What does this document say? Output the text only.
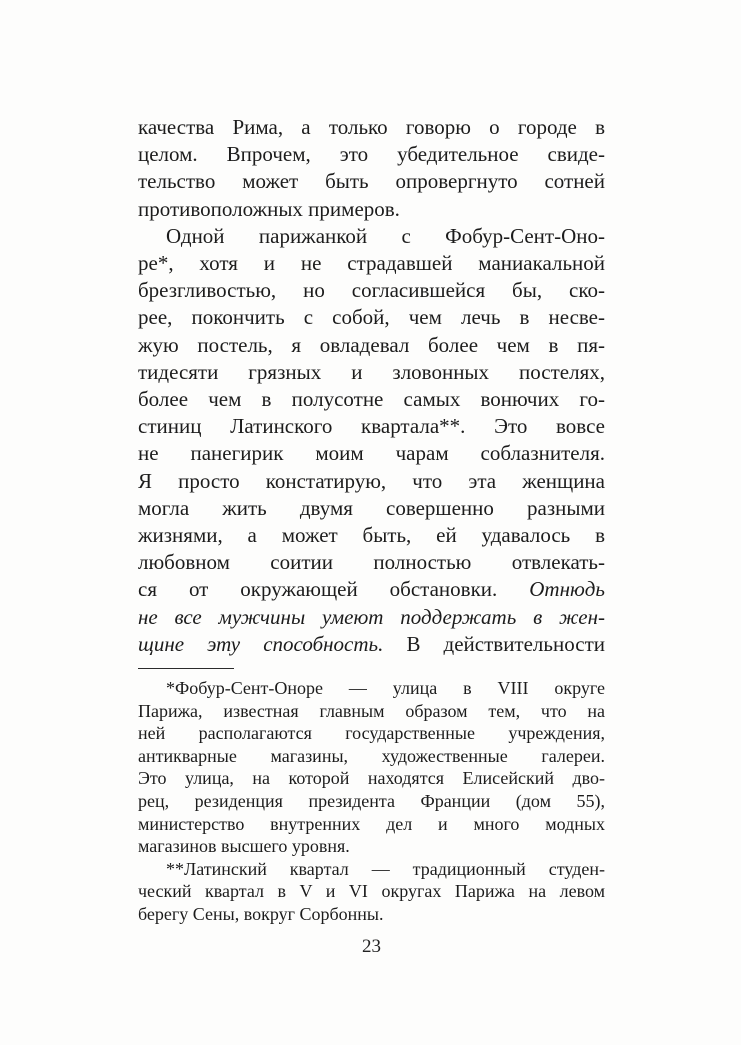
качества Рима, а только говорю о городе в
целом. Впрочем, это убедительное свиде-
тельство может быть опровергнуто сотней
противоположных примеров.
Одной парижанкой с Фобур-Сент-Оно-
ре*, хотя и не страдавшей маниакальной
брезгливостью, но согласившейся бы, ско-
рее, покончить с собой, чем лечь в несве-
жую постель, я овладевал более чем в пя-
тидесяти грязных и зловонных постелях,
более чем в полусотне самых вонючих го-
стиниц Латинского квартала**. Это вовсе
не панегирик моим чарам соблазнителя.
Я просто констатирую, что эта женщина
могла жить двумя совершенно разными
жизнями, а может быть, ей удавалось в
любовном соитии полностью отвлекать-
ся от окружающей обстановки. Отнюдь
не все мужчины умеют поддержать в жен-
щине эту способность. В действительности
*Фобур-Сент-Оноре — улица в VIII округе
Парижа, известная главным образом тем, что на
ней располагаются государственные учреждения,
антикварные магазины, художественные галереи.
Это улица, на которой находятся Елисейский дво-
рец, резиденция президента Франции (дом 55),
министерство внутренних дел и много модных
магазинов высшего уровня.
**Латинский квартал — традиционный студен-
ческий квартал в V и VI округах Парижа на левом
берегу Сены, вокруг Сорбонны.
23
